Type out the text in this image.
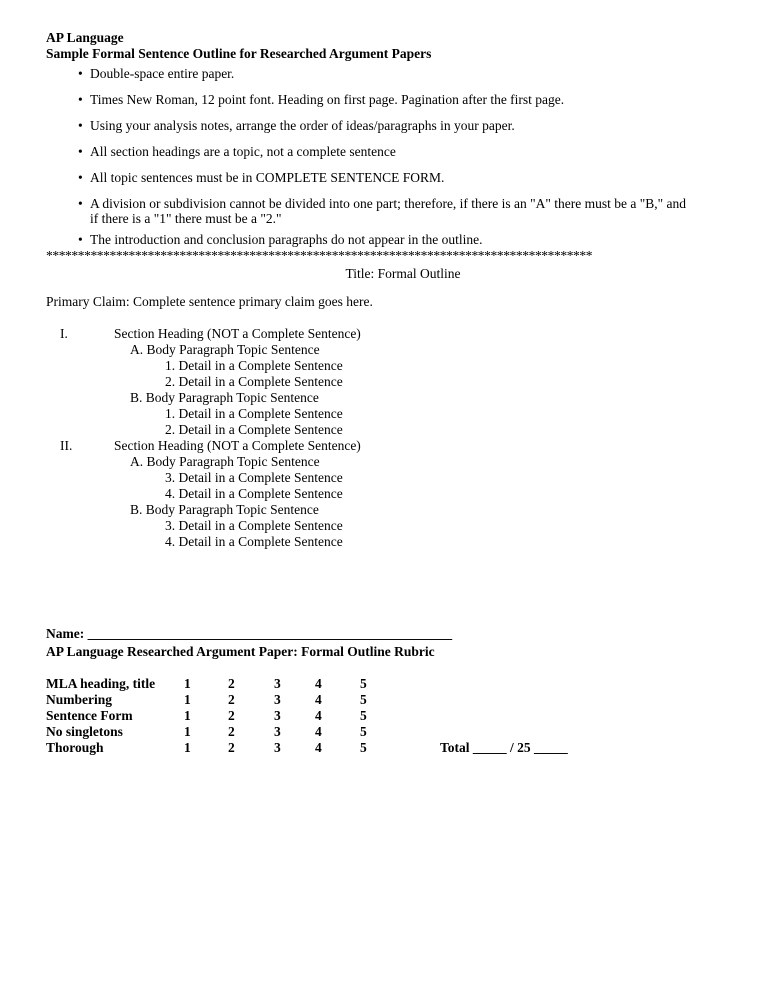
AP Language
Sample Formal Sentence Outline for Researched Argument Papers
• Double-space entire paper.
• Times New Roman, 12 point font. Heading on first page. Pagination after the first page.
• Using your analysis notes, arrange the order of ideas/paragraphs in your paper.
• All section headings are a topic, not a complete sentence
• All topic sentences must be in COMPLETE SENTENCE FORM.
• A division or subdivision cannot be divided into one part; therefore, if there is an "A" there must be a "B," and if there is a "1" there must be a "2."
• The introduction and conclusion paragraphs do not appear in the outline.
**************************************************************************************
Title: Formal Outline
Primary Claim: Complete sentence primary claim goes here.
I.	Section Heading (NOT a Complete Sentence)
A. Body Paragraph Topic Sentence
1. Detail in a Complete Sentence
2. Detail in a Complete Sentence
B. Body Paragraph Topic Sentence
1. Detail in a Complete Sentence
2. Detail in a Complete Sentence
II.	Section Heading (NOT a Complete Sentence)
A. Body Paragraph Topic Sentence
3. Detail in a Complete Sentence
4. Detail in a Complete Sentence
B. Body Paragraph Topic Sentence
3. Detail in a Complete Sentence
4. Detail in a Complete Sentence
Name: ______________________________________________________
AP Language Researched Argument Paper: Formal Outline Rubric
MLA heading, title 1	2	3	4	5
Numbering	1	2	3	4	5
Sentence Form	1	2	3	4	5
No singletons	1	2	3	4	5
Thorough	1	2	3	4	5	Total _____ / 25 _____
